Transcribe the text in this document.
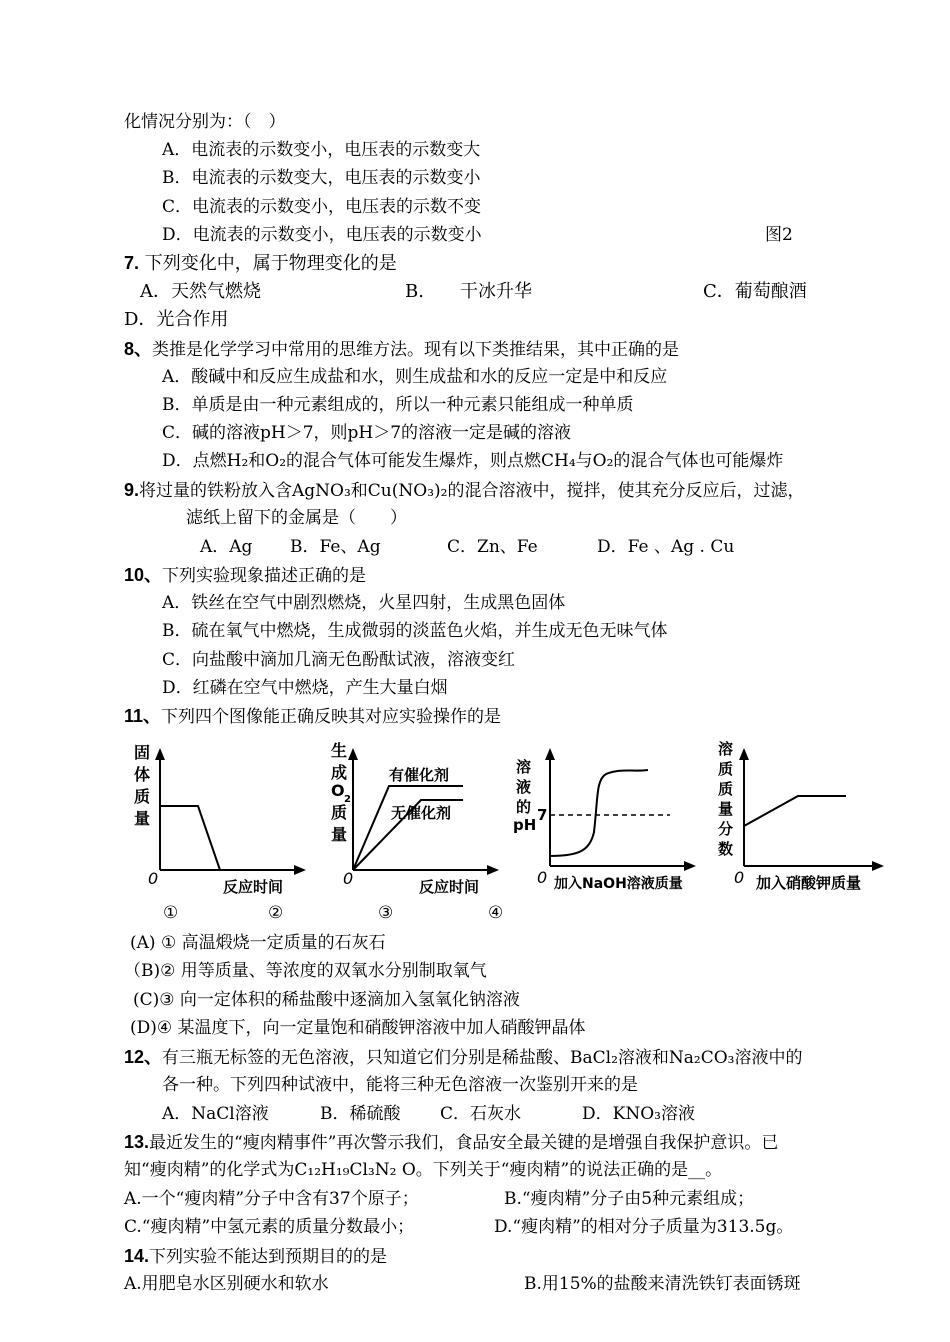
化情况分别为：（　）
A．电流表的示数变小，电压表的示数变大
B．电流表的示数变大，电压表的示数变小
C．电流表的示数变小，电压表的示数不变
D．电流表的示数变小，电压表的示数变小	图2
7. 下列变化中，属于物理变化的是
A．天然气燃烧	B.　　干冰升华	C．葡萄酿酒
D．光合作用
8、类推是化学学习中常用的思维方法。现有以下类推结果，其中正确的是
A．酸碱中和反应生成盐和水，则生成盐和水的反应一定是中和反应
B．单质是由一种元素组成的，所以一种元素只能组成一种单质
C．碱的溶液pH＞7，则pH＞7的溶液一定是碱的溶液
D．点燃H₂和O₂的混合气体可能发生爆炸，则点燃CH₄与O₂的混合气体也可能爆炸
9.将过量的铁粉放入含AgNO₃和Cu(NO₃)₂的混合溶液中，搅拌，使其充分反应后，过滤，
滤纸上留下的金属是（　　）
A．Ag B．Fe、Ag	C．Zn、Fe	D．Fe 、Ag . Cu
10、下列实验现象描述正确的是
A．铁丝在空气中剧烈燃烧，火星四射，生成黑色固体
B．硫在氧气中燃烧，生成微弱的淡蓝色火焰，并生成无色无味气体
C．向盐酸中滴加几滴无色酚酞试液，溶液变红
D．红磷在空气中燃烧，产生大量白烟
11、下列四个图像能正确反映其对应实验操作的是
固
体
质
量
0	反应时间
生
成
O 2
质
量
有催化剂
无催化剂
0	反应时间
溶
液
的
pH
7
0 加入NaOH溶液质量
溶
质
质
量
分
数
0 加入硝酸钾质量
①	②	③	④
(A) ① 高温煅烧一定质量的石灰石
（B)② 用等质量、等浓度的双氧水分别制取氧气
(C)③ 向一定体积的稀盐酸中逐滴加入氢氧化钠溶液
(D)④ 某温度下，向一定量饱和硝酸钾溶液中加人硝酸钾晶体
12、有三瓶无标签的无色溶液，只知道它们分别是稀盐酸、BaCl₂溶液和Na₂CO₃溶液中的
各一种。下列四种试液中，能将三种无色溶液一次鉴别开来的是
A．NaCl溶液	B．稀硫酸 C．石灰水	D．KNO₃溶液
13.最近发生的“瘦肉精事件”再次警示我们，食品安全最关键的是增强自我保护意识。已
知“瘦肉精”的化学式为C₁₂H₁₉Cl₃N₂ O。下列关于“瘦肉精”的说法正确的是__。
A.一个“瘦肉精”分子中含有37个原子；	B.“瘦肉精”分子由5种元素组成；
C.“瘦肉精”中氢元素的质量分数最小；	D.“瘦肉精”的相对分子质量为313.5g。
14.下列实验不能达到预期目的的是
A.用肥皂水区别硬水和软水	B.用15%的盐酸来清洗铁钉表面锈斑
